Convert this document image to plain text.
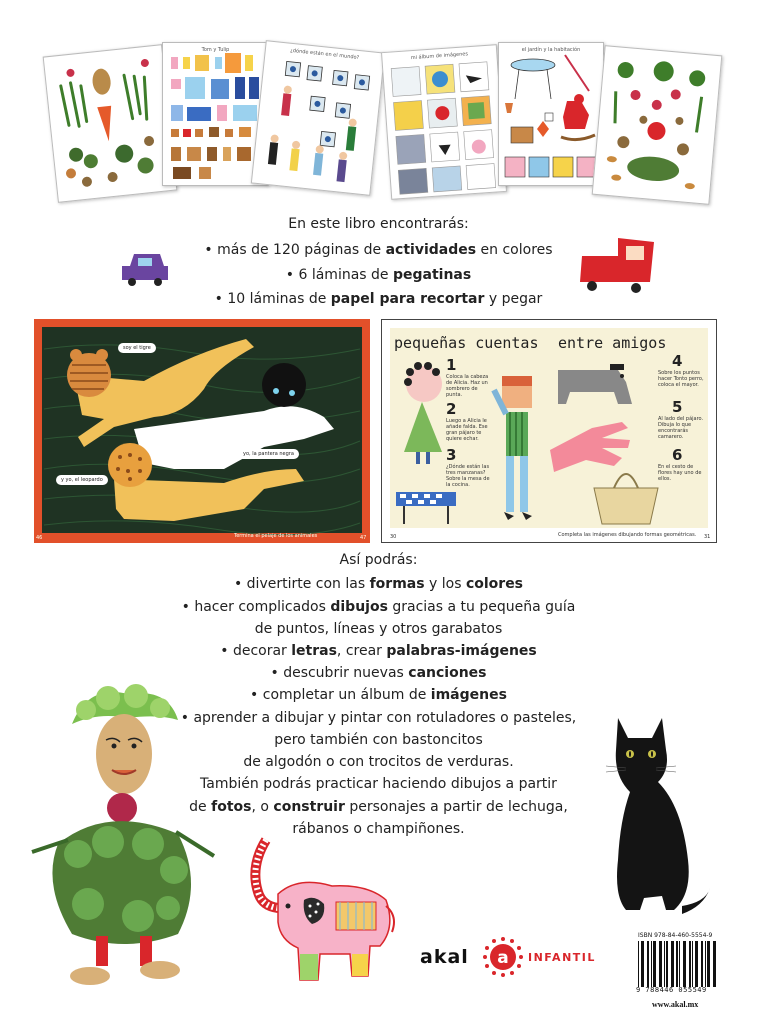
Tom y Tulip	¿dónde están en el mundo?	mi álbum de imágenes
el jardín y la habitación
En este libro encontrarás:
• más de 120 páginas de actividades en colores
• 6 láminas de pegatinas
• 10 láminas de papel para recortar y pegar
soy el tigre
yo, la pantera negra
y yo, el leopardo
Termina el pelaje de los animales
46	47
pequeñas cuentas entre amigos
1
Coloca la cabeza de Alicia. Haz un sombrero de punta.
2
Luego a Alicia le añade falda. Ese gran pájaro te quiere echar.
3
¿Dónde están las tres manzanas? Sobre la mesa de la cocina.
4
Sobre los puntos hacer Tonto perro, coloca el mayor.
5
Al lado del pájaro. Dibuja lo que encontrarás camarero.
6
En el cesto de flores hay uno de ellos.
Completa las imágenes dibujando formas geométricas.
30	31
Así podrás:
• divertirte con las formas y los colores
• hacer complicados dibujos gracias a tu pequeña guía
de puntos, líneas y otros garabatos
• decorar letras, crear palabras-imágenes
• descubrir nuevas canciones
• completar un álbum de imágenes
• aprender a dibujar y pintar con rotuladores o pasteles,
pero también con bastoncitos
de algodón o con trocitos de verduras.
También podrás practicar haciendo dibujos a partir
de fotos, o construir personajes a partir de lechuga,
rábanos o champiñones.
akal a INFANTIL
ISBN 978-84-460-5554-9
9 788446 055549
www.akal.mx
